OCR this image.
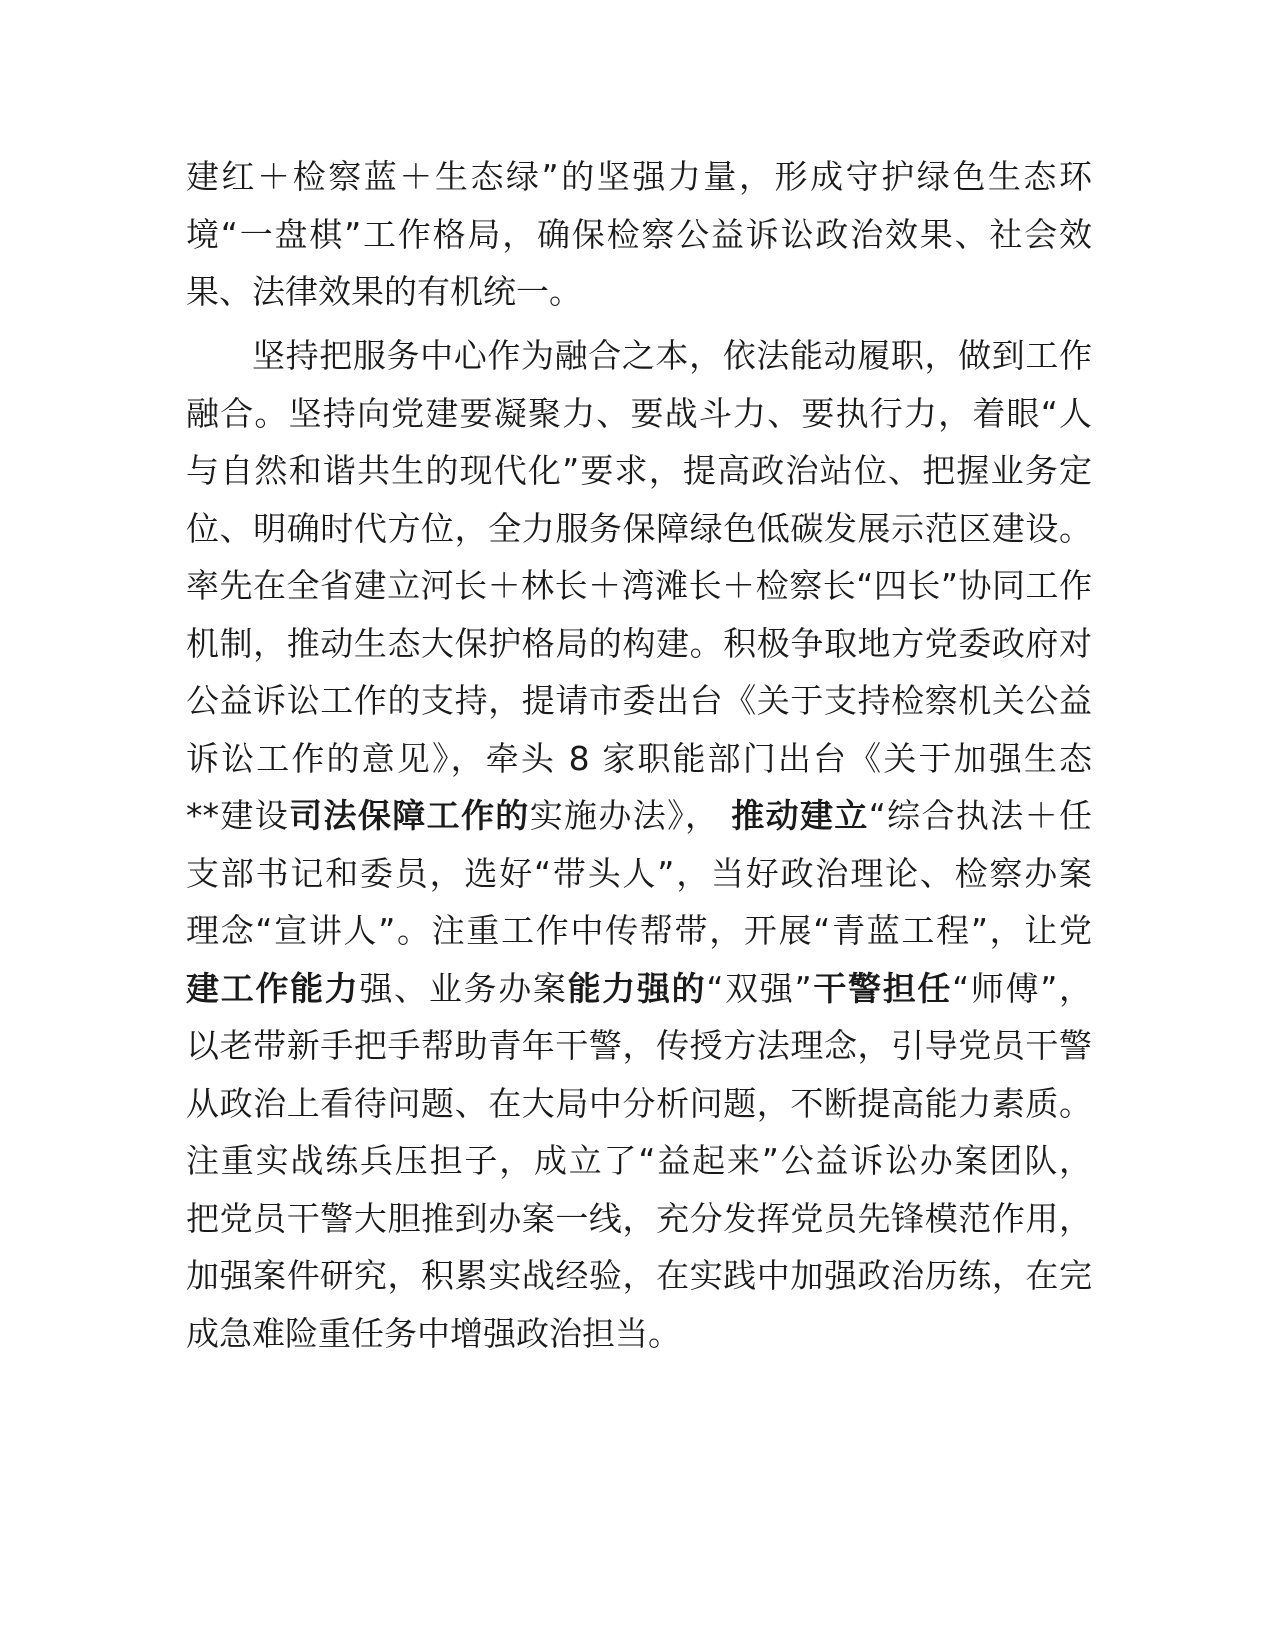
建红＋检察蓝＋生态绿”的坚强力量，形成守护绿色生态环
境“一盘棋”工作格局，确保检察公益诉讼政治效果、社会效
果、法律效果的有机统一。
坚持把服务中心作为融合之本，依法能动履职，做到工作
融合。坚持向党建要凝聚力、要战斗力、要执行力，着眼“人
与自然和谐共生的现代化”要求，提高政治站位、把握业务定
位、明确时代方位，全力服务保障绿色低碳发展示范区建设。
率先在全省建立河长＋林长＋湾滩长＋检察长“四长”协同工作
机制，推动生态大保护格局的构建。积极争取地方党委政府对
公益诉讼工作的支持，提请市委出台《关于支持检察机关公益
诉讼工作的意见》，牵头 8 家职能部门出台《关于加强生态
**建设司法保障工作的实施办法》， 推动建立“综合执法＋任
支部书记和委员，选好“带头人”，当好政治理论、检察办案
理念“宣讲人”。注重工作中传帮带，开展“青蓝工程”，让党
建工作能力强、业务办案能力强的“双强”干警担任“师傅”，
以老带新手把手帮助青年干警，传授方法理念，引导党员干警
从政治上看待问题、在大局中分析问题，不断提高能力素质。
注重实战练兵压担子，成立了“益起来”公益诉讼办案团队，
把党员干警大胆推到办案一线，充分发挥党员先锋模范作用，
加强案件研究，积累实战经验，在实践中加强政治历练，在完
成急难险重任务中增强政治担当。
